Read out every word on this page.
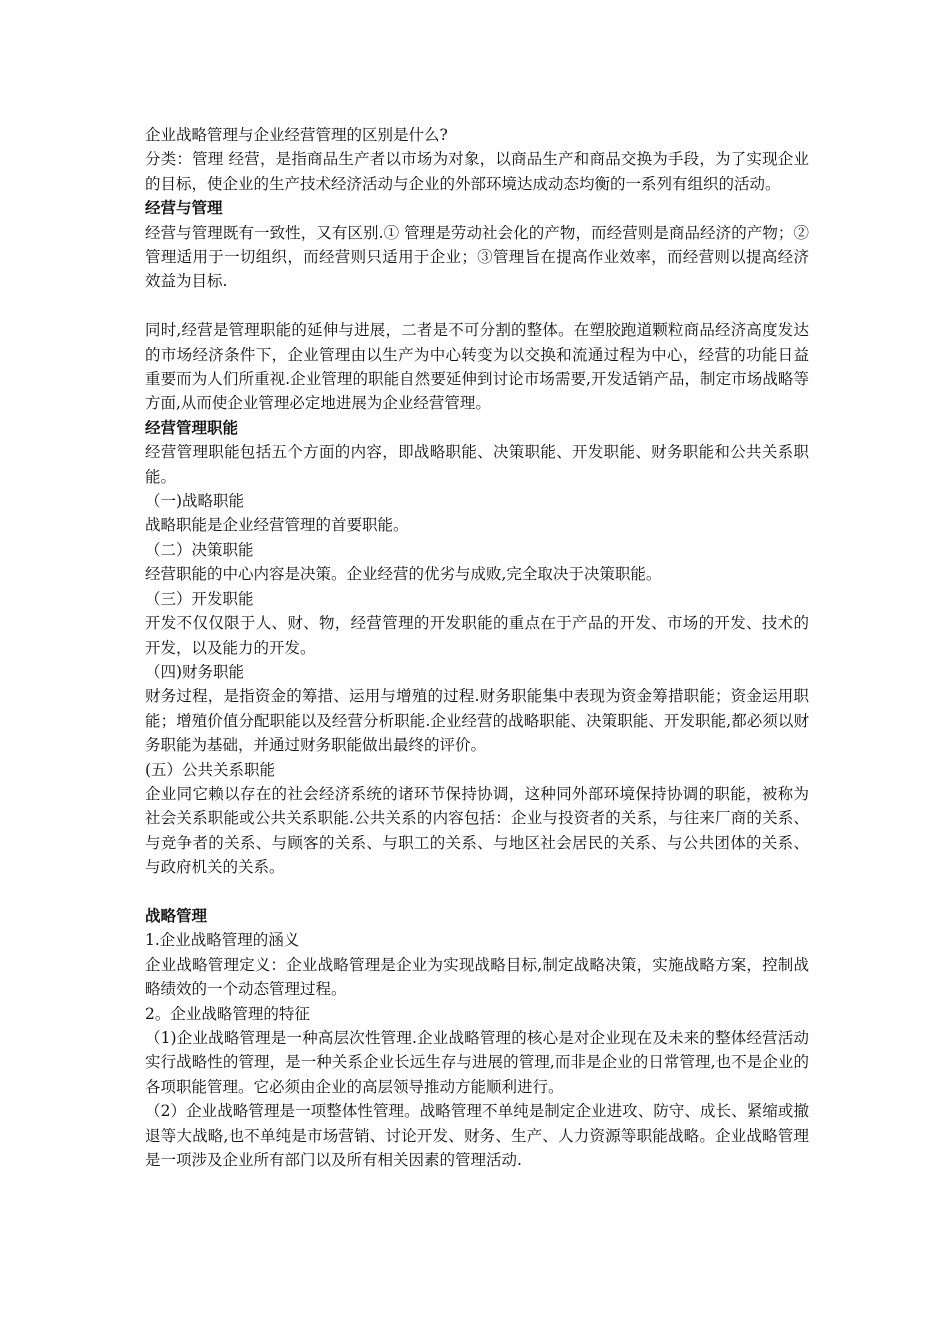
企业战略管理与企业经营管理的区别是什么?

分类：管理 经营，是指商品生产者以市场为对象，以商品生产和商品交换为手段，为了实现企业的目标，使企业的生产技术经济活动与企业的外部环境达成动态均衡的一系列有组织的活动。

经营与管理

经营与管理既有一致性，又有区别.① 管理是劳动社会化的产物，而经营则是商品经济的产物；②管理适用于一切组织，而经营则只适用于企业；③管理旨在提高作业效率，而经营则以提高经济效益为目标.

同时,经营是管理职能的延伸与进展，二者是不可分割的整体。在塑胶跑道颗粒商品经济高度发达的市场经济条件下，企业管理由以生产为中心转变为以交换和流通过程为中心，经营的功能日益重要而为人们所重视.企业管理的职能自然要延伸到讨论市场需要,开发适销产品，制定市场战略等方面,从而使企业管理必定地进展为企业经营管理。

经营管理职能

经营管理职能包括五个方面的内容，即战略职能、决策职能、开发职能、财务职能和公共关系职能。

（一)战略职能

战略职能是企业经营管理的首要职能。

（二）决策职能

经营职能的中心内容是决策。企业经营的优劣与成败,完全取决于决策职能。

（三）开发职能

开发不仅仅限于人、财、物，经营管理的开发职能的重点在于产品的开发、市场的开发、技术的开发，以及能力的开发。

（四)财务职能

财务过程，是指资金的筹措、运用与增殖的过程.财务职能集中表现为资金筹措职能；资金运用职能；增殖价值分配职能以及经营分析职能.企业经营的战略职能、决策职能、开发职能,都必须以财务职能为基础，并通过财务职能做出最终的评价。

(五）公共关系职能

企业同它赖以存在的社会经济系统的诸环节保持协调，这种同外部环境保持协调的职能，被称为社会关系职能或公共关系职能.公共关系的内容包括：企业与投资者的关系，与往来厂商的关系、与竞争者的关系、与顾客的关系、与职工的关系、与地区社会居民的关系、与公共团体的关系、与政府机关的关系。

战略管理

1.企业战略管理的涵义

企业战略管理定义：企业战略管理是企业为实现战略目标,制定战略决策，实施战略方案，控制战略绩效的一个动态管理过程。

2。企业战略管理的特征

（1)企业战略管理是一种高层次性管理.企业战略管理的核心是对企业现在及未来的整体经营活动实行战略性的管理，是一种关系企业长远生存与进展的管理,而非是企业的日常管理,也不是企业的各项职能管理。它必须由企业的高层领导推动方能顺利进行。

（2）企业战略管理是一项整体性管理。战略管理不单纯是制定企业进攻、防守、成长、紧缩或撤退等大战略,也不单纯是市场营销、讨论开发、财务、生产、人力资源等职能战略。企业战略管理是一项涉及企业所有部门以及所有相关因素的管理活动.
